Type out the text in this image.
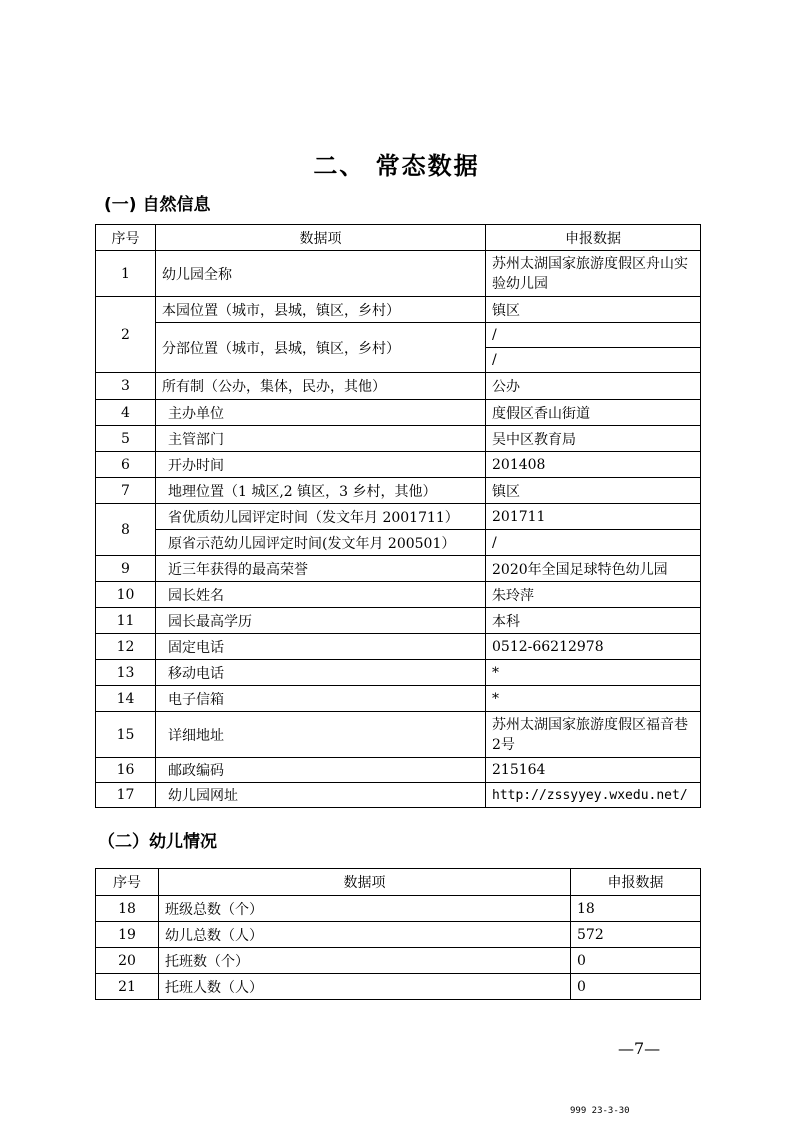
二、 常态数据
(一) 自然信息
序号	数据项	申报数据
1	幼儿园全称	苏州太湖国家旅游度假区舟山实验幼儿园
2	本园位置（城市，县城，镇区，乡村）	镇区
	分部位置（城市，县城，镇区，乡村）	/
		/
3	所有制（公办，集体，民办，其他）	公办
4	主办单位	度假区香山街道
5	主管部门	吴中区教育局
6	开办时间	201408
7	地理位置（1 城区,2 镇区，3 乡村，其他）	镇区
8	省优质幼儿园评定时间（发文年月 2001711）	201711
	原省示范幼儿园评定时间(发文年月 200501）	/
9	近三年获得的最高荣誉	2020年全国足球特色幼儿园
10	园长姓名	朱玲萍
11	园长最高学历	本科
12	固定电话	0512-66212978
13	移动电话	*
14	电子信箱	*
15	详细地址	苏州太湖国家旅游度假区福音巷2号
16	邮政编码	215164
17	幼儿园网址	http://zssyyey.wxedu.net/
（二）幼儿情况
序号	数据项	申报数据
18	班级总数（个）	18
19	幼儿总数（人）	572
20	托班数（个）	0
21	托班人数（人）	0
—7—
999 23-3-30
